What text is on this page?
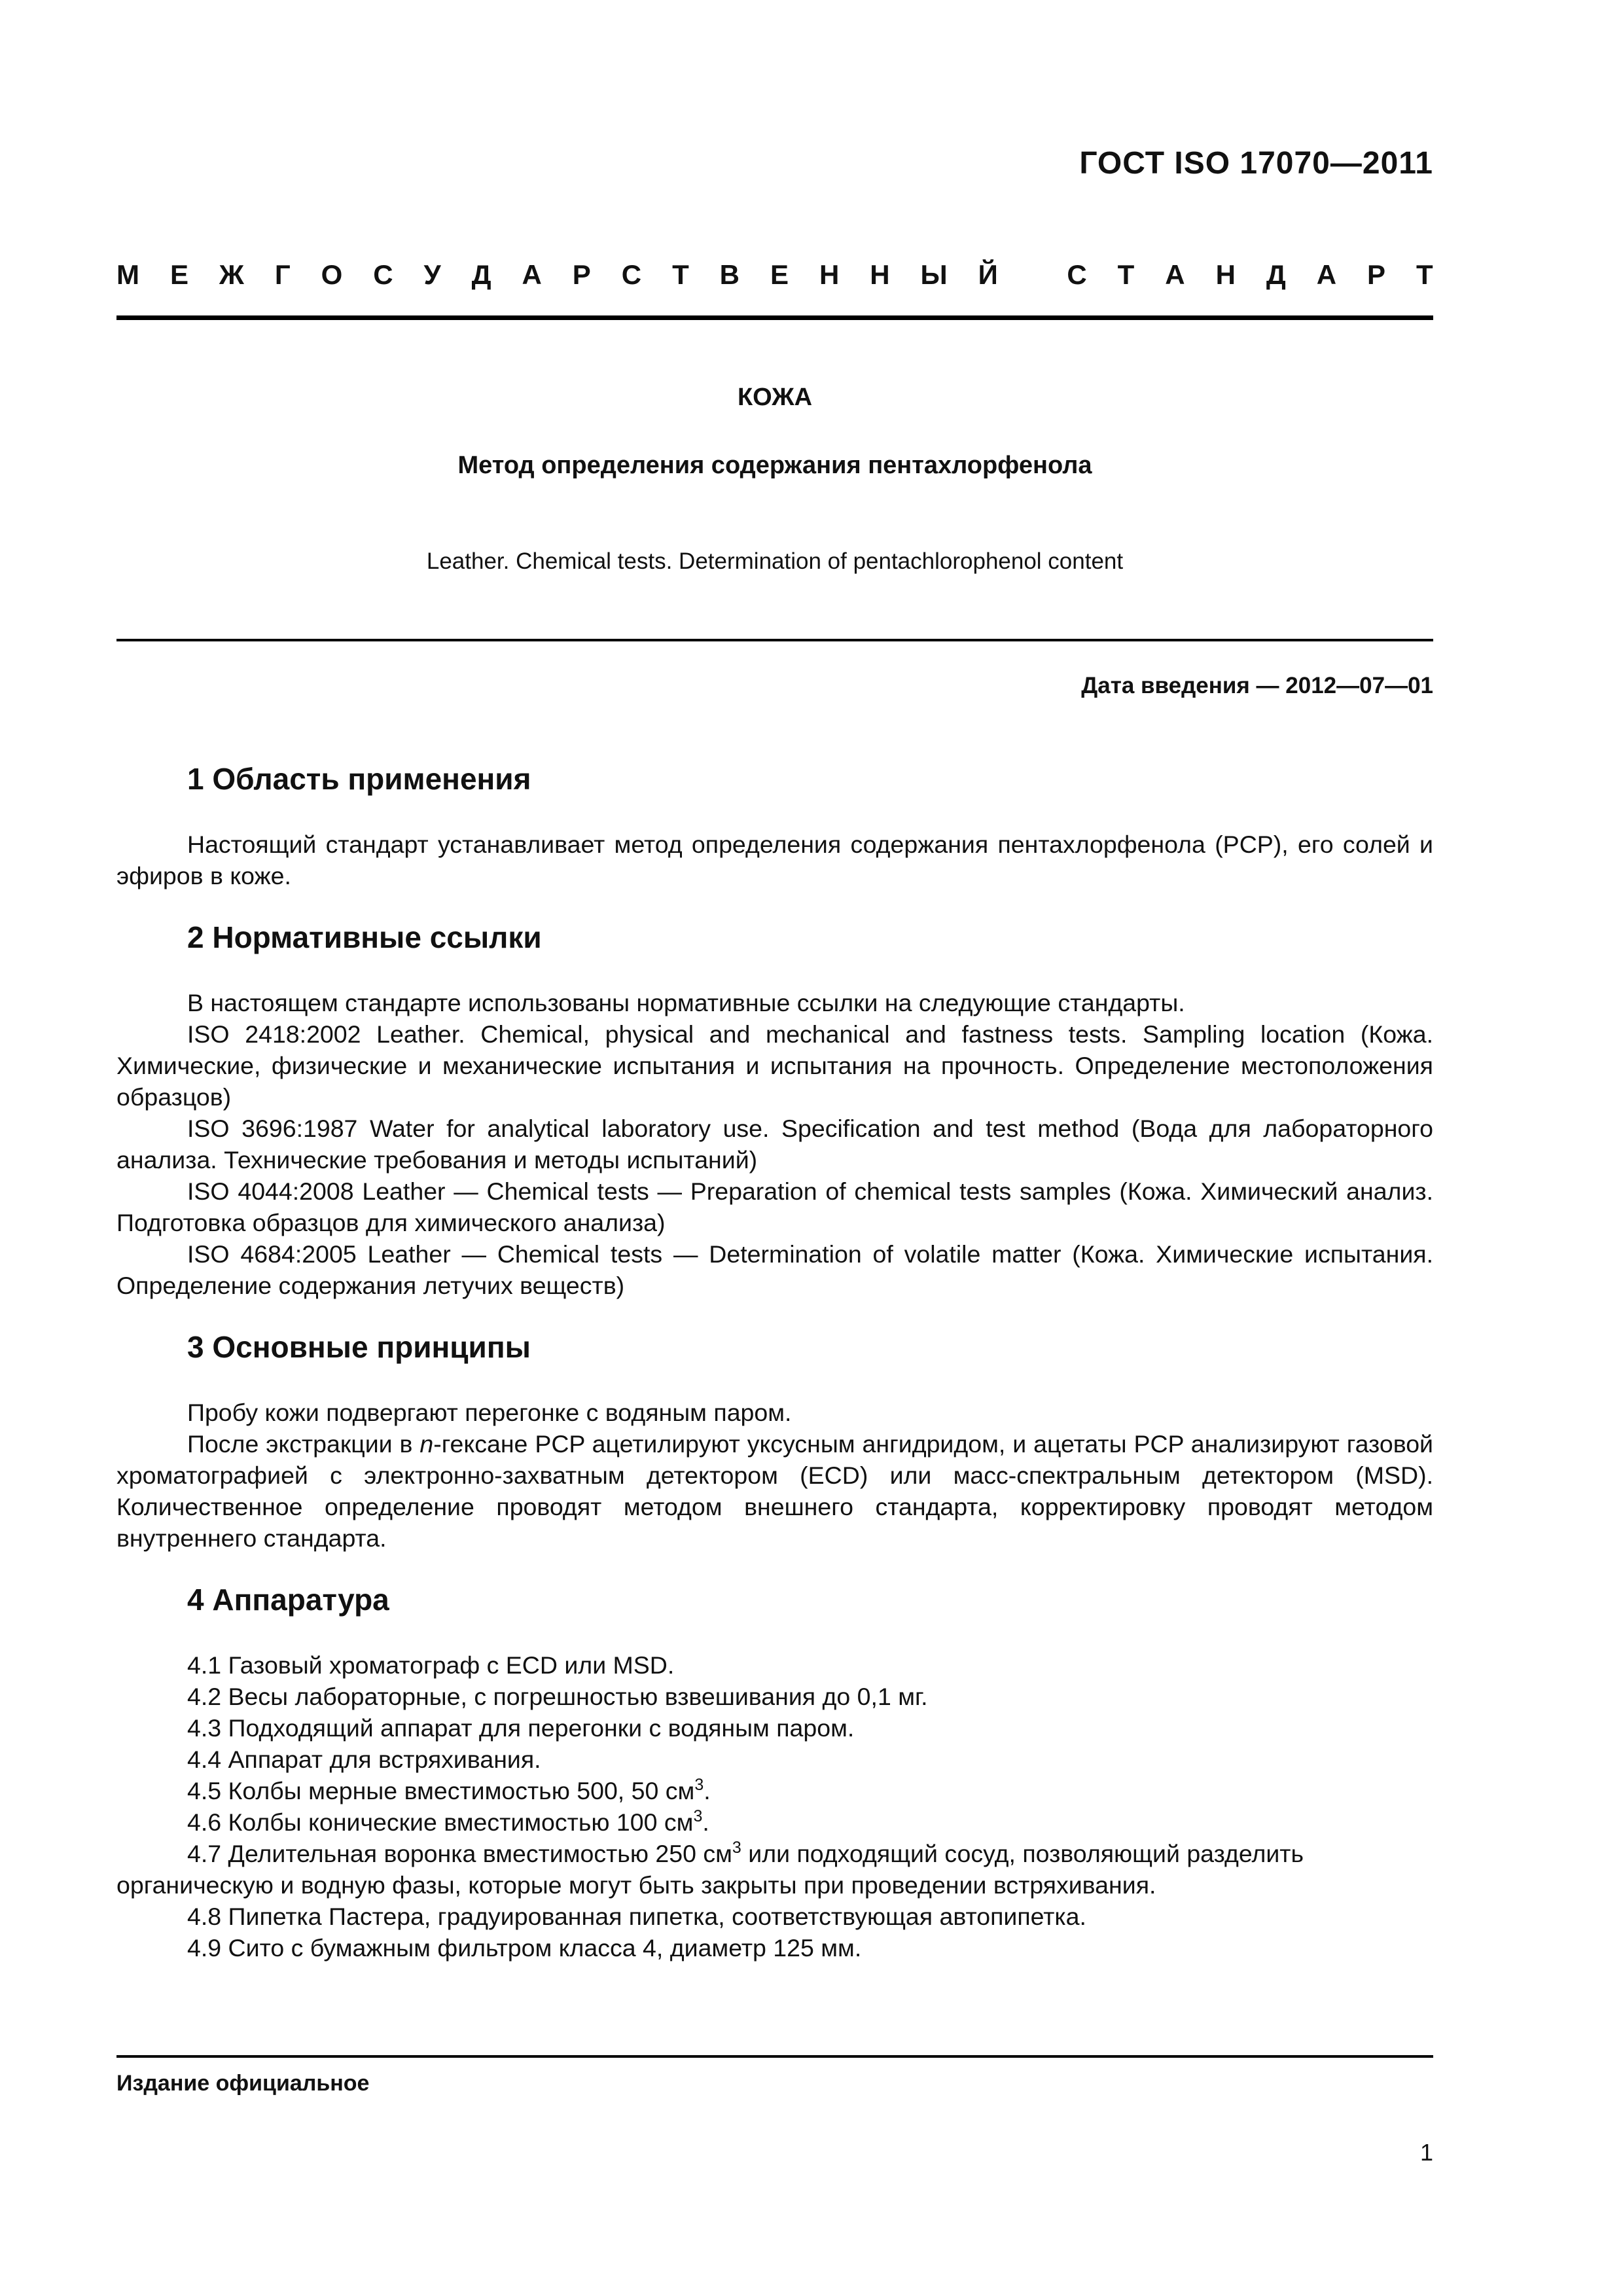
ГОСТ ISO 17070—2011
М Е Ж Г О С У Д А Р С Т В Е Н Н Ы Й
	С Т А Н Д А Р Т
КОЖА
Метод определения содержания пентахлорфенола
Leather. Chemical tests. Determination of pentachlorophenol content
Дата введения — 2012—07—01
1 Область применения

Настоящий стандарт устанавливает метод определения содержания пентахлорфенола (PCP), его солей и эфиров в коже.

2 Нормативные ссылки

В настоящем стандарте использованы нормативные ссылки на следующие стандарты.

ISO 2418:2002 Leather. Chemical, physical and mechanical and fastness tests. Sampling location (Кожа. Химические, физические и механические испытания и испытания на прочность. Определение местоположения образцов)

ISO 3696:1987 Water for analytical laboratory use. Specification and test method (Вода для лабораторного анализа. Технические требования и методы испытаний)

ISO 4044:2008 Leather — Chemical tests — Preparation of chemical tests samples (Кожа. Химический анализ. Подготовка образцов для химического анализа)

ISO 4684:2005 Leather — Chemical tests — Determination of volatile matter (Кожа. Химические испытания. Определение содержания летучих веществ)

3 Основные принципы

Пробу кожи подвергают перегонке с водяным паром.

После экстракции в n-гексане PCP ацетилируют уксусным ангидридом, и ацетаты PCP анализируют газовой хроматографией с электронно-захватным детектором (ECD) или масс-спектральным детектором (MSD). Количественное определение проводят методом внешнего стандарта, корректировку проводят методом внутреннего стандарта.

4 Аппаратура

4.1 Газовый хроматограф с ECD или MSD.

4.2 Весы лабораторные, с погрешностью взвешивания до 0,1 мг.

4.3 Подходящий аппарат для перегонки с водяным паром.

4.4 Аппарат для встряхивания.

4.5 Колбы мерные вместимостью 500, 50 $см^3$.

4.6 Колбы конические вместимостью 100 $см^3$.

4.7 Делительная воронка вместимостью 250 $см^3$ или подходящий сосуд, позволяющий разделить органическую и водную фазы, которые могут быть закрыты при проведении встряхивания.

4.8 Пипетка Пастера, градуированная пипетка, соответствующая автопипетка.

4.9 Сито с бумажным фильтром класса 4, диаметр 125 мм.

Издание официальное
1
